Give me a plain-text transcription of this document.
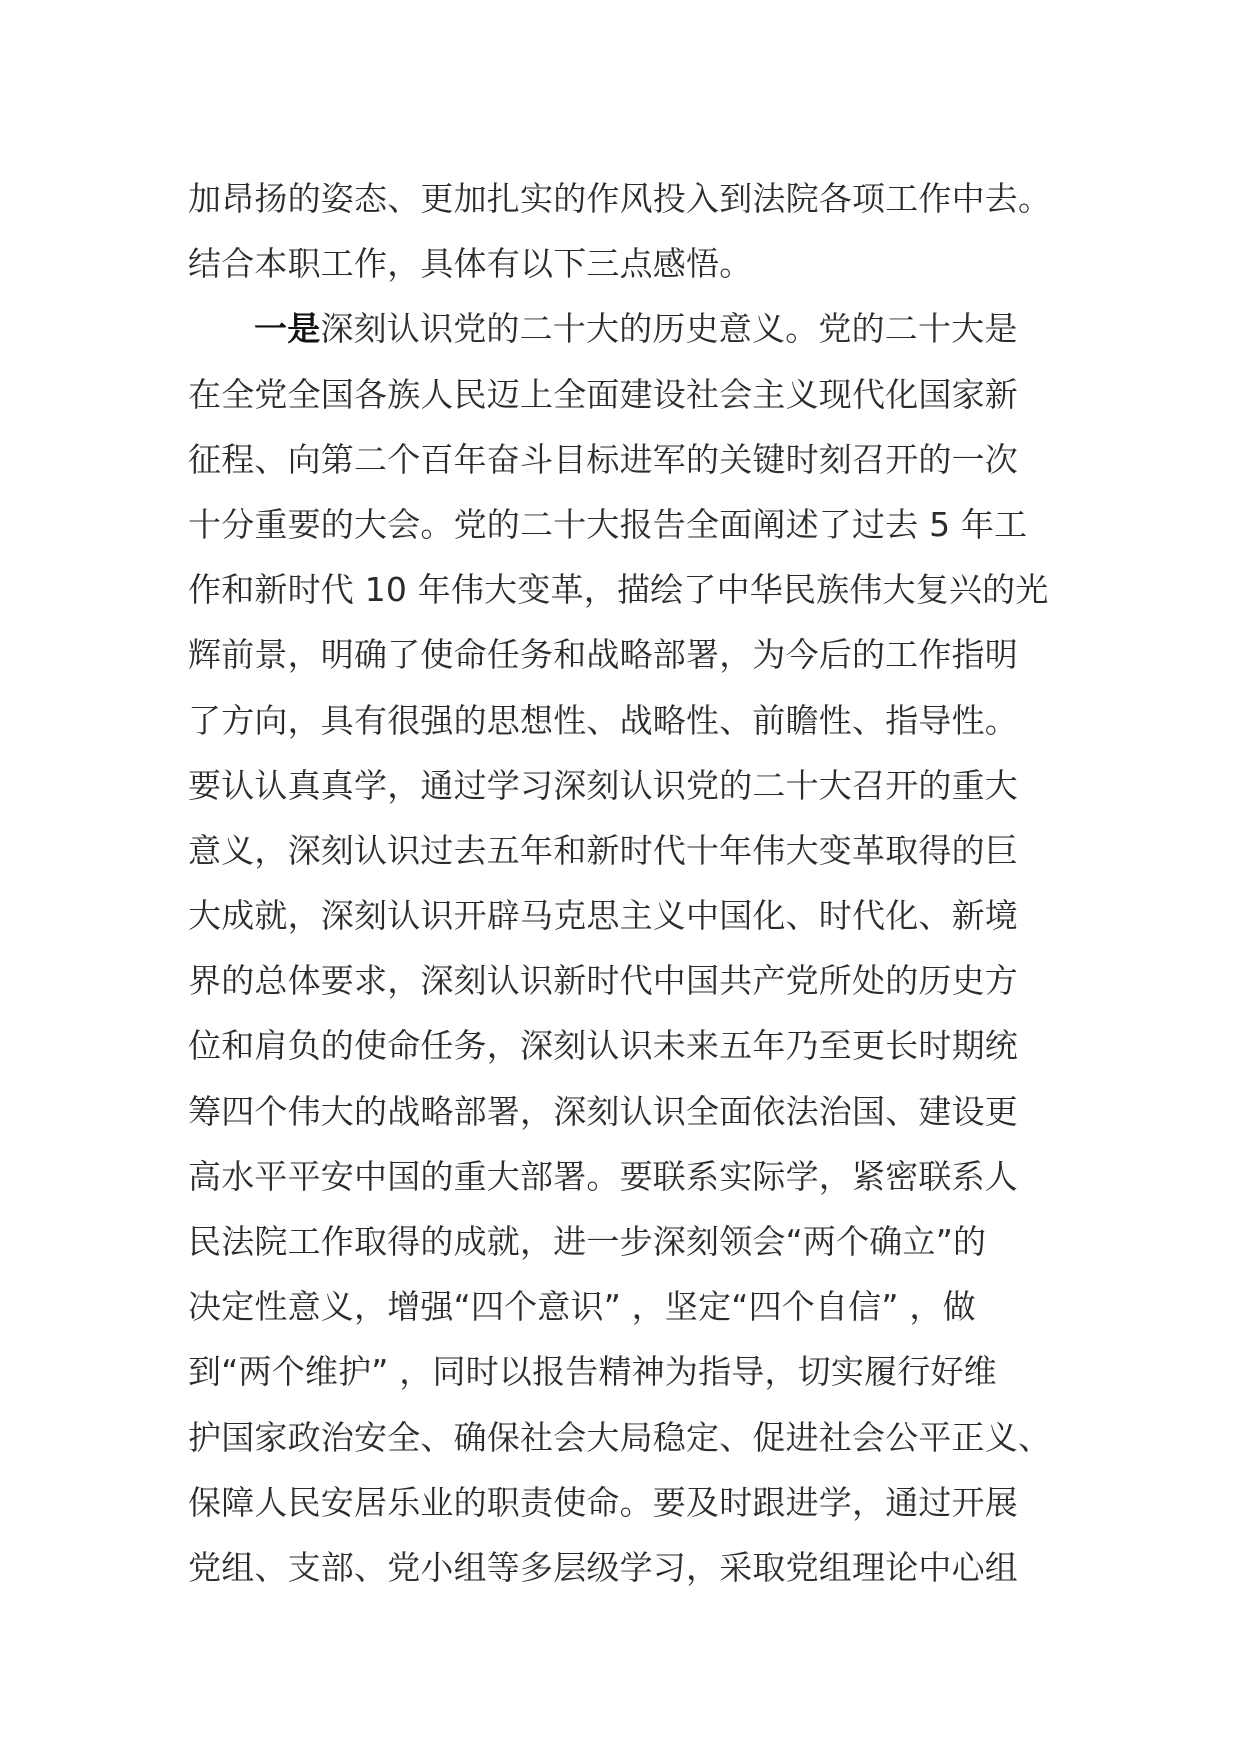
加昂扬的姿态、更加扎实的作风投入到法院各项工作中去。
结合本职工作，具体有以下三点感悟。
一是深刻认识党的二十大的历史意义。党的二十大是
在全党全国各族人民迈上全面建设社会主义现代化国家新
征程、向第二个百年奋斗目标进军的关键时刻召开的一次
十分重要的大会。党的二十大报告全面阐述了过去 5 年工
作和新时代 10 年伟大变革，描绘了中华民族伟大复兴的光
辉前景，明确了使命任务和战略部署，为今后的工作指明
了方向，具有很强的思想性、战略性、前瞻性、指导性。
要认认真真学，通过学习深刻认识党的二十大召开的重大
意义，深刻认识过去五年和新时代十年伟大变革取得的巨
大成就，深刻认识开辟马克思主义中国化、时代化、新境
界的总体要求，深刻认识新时代中国共产党所处的历史方
位和肩负的使命任务，深刻认识未来五年乃至更长时期统
筹四个伟大的战略部署，深刻认识全面依法治国、建设更
高水平平安中国的重大部署。要联系实际学，紧密联系人
民法院工作取得的成就，进一步深刻领会“两个确立”的
决定性意义，增强“四个意识” ，坚定“四个自信” ，做
到“两个维护” ，同时以报告精神为指导，切实履行好维
护国家政治安全、确保社会大局稳定、促进社会公平正义、
保障人民安居乐业的职责使命。要及时跟进学，通过开展
党组、支部、党小组等多层级学习，采取党组理论中心组
